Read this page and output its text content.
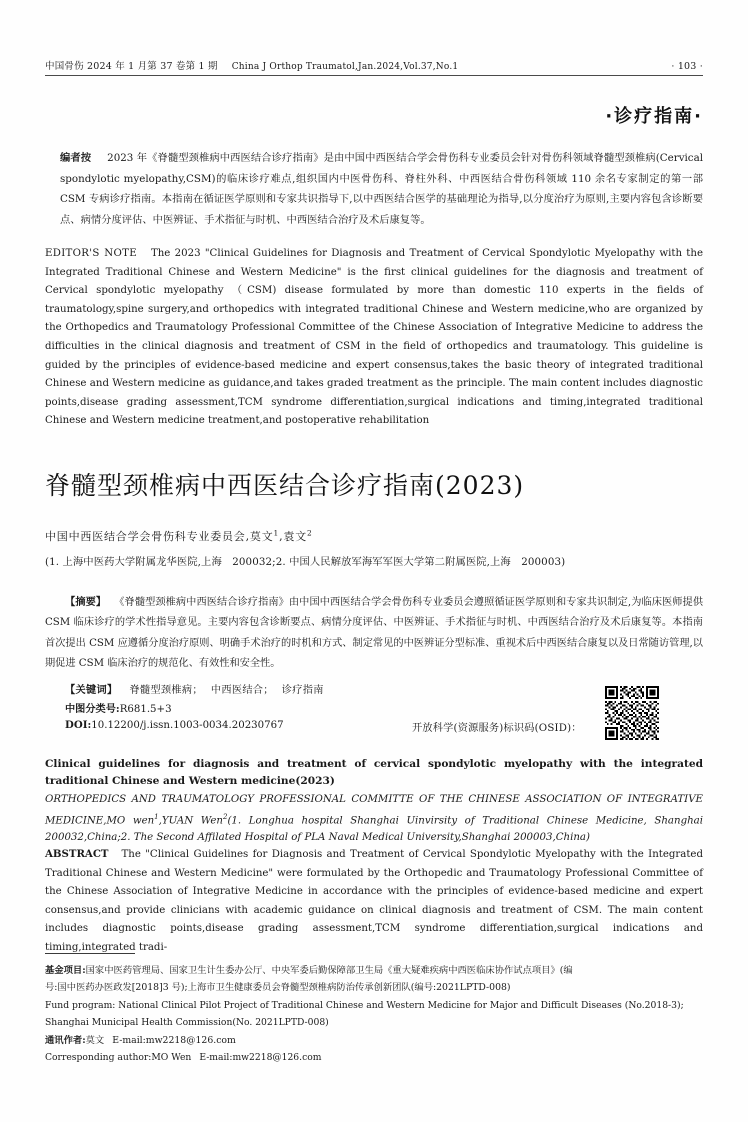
中国骨伤 2024 年 1 月第 37 卷第 1 期 China J Orthop Traumatol,Jan.2024,Vol.37,No.1	· 103 ·
·诊疗指南·
编者按 2023 年《脊髓型颈椎病中西医结合诊疗指南》是由中国中西医结合学会骨伤科专业委员会针对骨伤科领域脊髓型颈椎病(Cervical spondylotic myelopathy,CSM)的临床诊疗难点,组织国内中医骨伤科、脊柱外科、中西医结合骨伤科领域 110 余名专家制定的第一部 CSM 专病诊疗指南。本指南在循证医学原则和专家共识指导下,以中西医结合医学的基础理论为指导,以分度治疗为原则,主要内容包含诊断要点、病情分度评估、中医辨证、手术指征与时机、中西医结合治疗及术后康复等。
EDITOR'S NOTE The 2023 "Clinical Guidelines for Diagnosis and Treatment of Cervical Spondylotic Myelopathy with the Integrated Traditional Chinese and Western Medicine" is the first clinical guidelines for the diagnosis and treatment of Cervical spondylotic myelopathy （CSM) disease formulated by more than domestic 110 experts in the fields of traumatology,spine surgery,and orthopedics with integrated traditional Chinese and Western medicine,who are organized by the Orthopedics and Traumatology Professional Committee of the Chinese Association of Integrative Medicine to address the difficulties in the clinical diagnosis and treatment of CSM in the field of orthopedics and traumatology. This guideline is guided by the principles of evidence-based medicine and expert consensus,takes the basic theory of integrated traditional Chinese and Western medicine as guidance,and takes graded treatment as the principle. The main content includes diagnostic points,disease grading assessment,TCM syndrome differentiation,surgical indications and timing,integrated traditional Chinese and Western medicine treatment,and postoperative rehabilitation
脊髓型颈椎病中西医结合诊疗指南(2023)
中国中西医结合学会骨伤科专业委员会,莫文$^1$,袁文$^2$
(1. 上海中医药大学附属龙华医院,上海　200032;2. 中国人民解放军海军军医大学第二附属医院,上海　200003)
【摘要】 《脊髓型颈椎病中西医结合诊疗指南》由中国中西医结合学会骨伤科专业委员会遵照循证医学原则和专家共识制定,为临床医师提供 CSM 临床诊疗的学术性指导意见。主要内容包含诊断要点、病情分度评估、中医辨证、手术指征与时机、中西医结合治疗及术后康复等。本指南首次提出 CSM 应遵循分度治疗原则、明确手术治疗的时机和方式、制定常见的中医辨证分型标准、重视术后中西医结合康复以及日常随访管理,以期促进 CSM 临床治疗的规范化、有效性和安全性。
【关键词】 脊髓型颈椎病； 中西医结合； 诊疗指南
中图分类号:R681.5+3
DOI:10.12200/j.issn.1003-0034.20230767	开放科学(资源服务)标识码(OSID)：
Clinical guidelines for diagnosis and treatment of cervical spondylotic myelopathy with the integrated traditional Chinese and Western medicine(2023)
ORTHOPEDICS AND TRAUMATOLOGY PROFESSIONAL COMMITTE OF THE CHINESE ASSOCIATION OF INTEGRATIVE MEDICINE,MO wen$^1$,YUAN Wen$^2$(1. Longhua hospital Shanghai Uinvirsity of Traditional Chinese Medicine, Shanghai 200032,China;2. The Second Affilated Hospital of PLA Naval Medical University,Shanghai 200003,China)
ABSTRACT The "Clinical Guidelines for Diagnosis and Treatment of Cervical Spondylotic Myelopathy with the Integrated Traditional Chinese and Western Medicine" were formulated by the Orthopedic and Traumatology Professional Committee of the Chinese Association of Integrative Medicine in accordance with the principles of evidence-based medicine and expert consensus,and provide clinicians with academic guidance on clinical diagnosis and treatment of CSM. The main content includes diagnostic points,disease grading assessment,TCM syndrome differentiation,surgical indications and timing,integrated tradi-
基金项目:国家中医药管理局、国家卫生计生委办公厅、中央军委后勤保障部卫生局《重大疑难疾病中西医临床协作试点项目》(编
号:国中医药办医政发[2018]3 号);上海市卫生健康委员会脊髓型颈椎病防治传承创新团队(编号:2021LPTD-008)
Fund program: National Clinical Pilot Project of Traditional Chinese and Western Medicine for Major and Difficult Diseases (No.2018-3);
Shanghai Municipal Health Commission(No. 2021LPTD-008)
通讯作者:莫文 E-mail:mw2218@126.com
Corresponding author:MO Wen E-mail:mw2218@126.com
